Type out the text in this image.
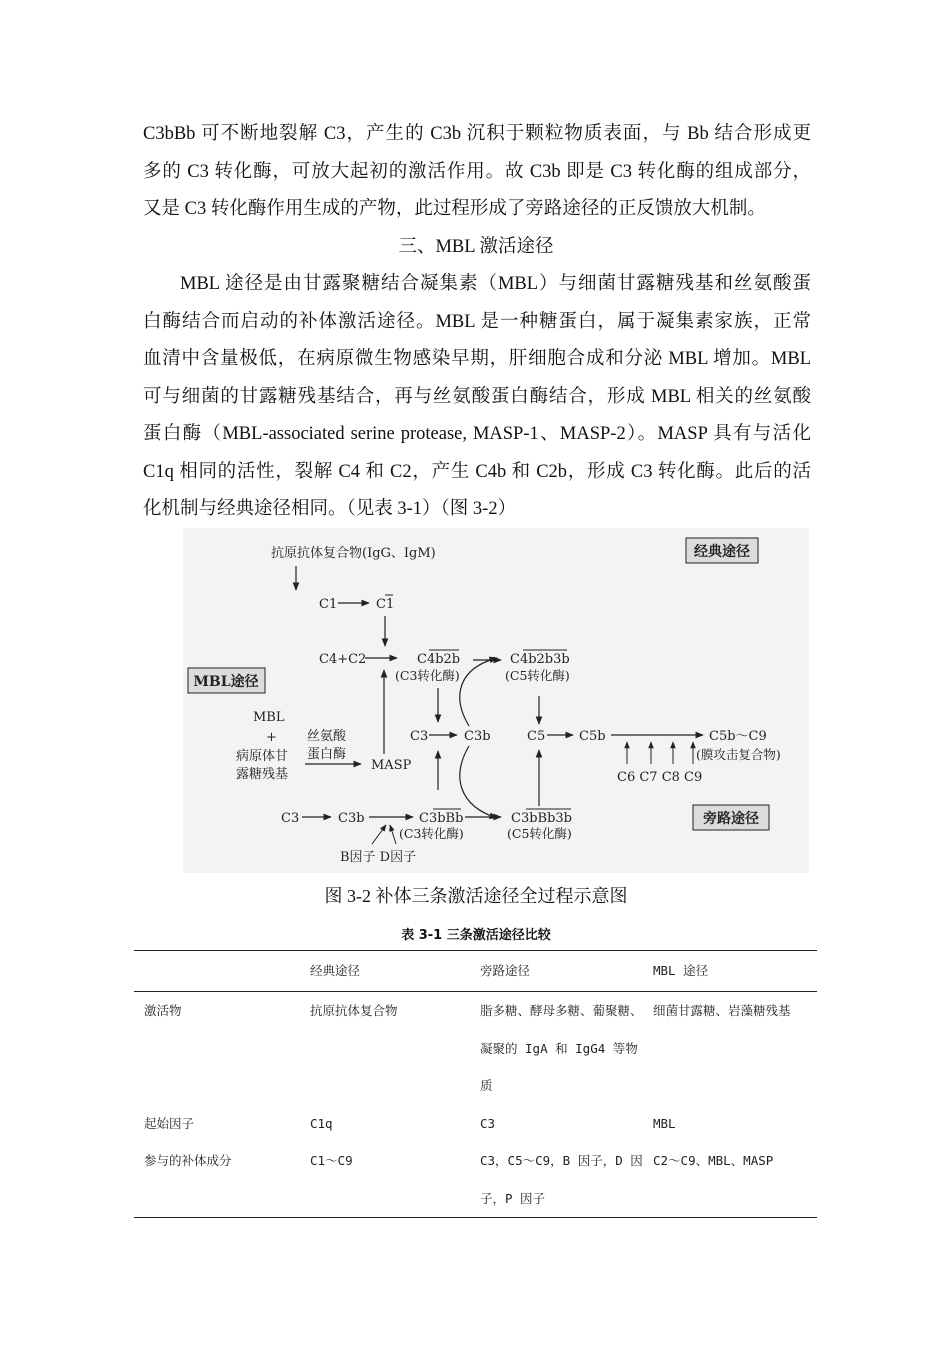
C3bBb 可不断地裂解 C3，产生的 C3b 沉积于颗粒物质表面，与 Bb 结合形成更
多的 C3 转化酶，可放大起初的激活作用。故 C3b 即是 C3 转化酶的组成部分，
又是 C3 转化酶作用生成的产物，此过程形成了旁路途径的正反馈放大机制。
三、MBL 激活途径
MBL 途径是由甘露聚糖结合凝集素（MBL）与细菌甘露糖残基和丝氨酸蛋
白酶结合而启动的补体激活途径。MBL 是一种糖蛋白，属于凝集素家族，正常
血清中含量极低，在病原微生物感染早期，肝细胞合成和分泌 MBL 增加。MBL
可与细菌的甘露糖残基结合，再与丝氨酸蛋白酶结合，形成 MBL 相关的丝氨酸
蛋白酶（MBL-associated serine protease, MASP-1、MASP-2）。MASP 具有与活化
C1q 相同的活性，裂解 C4 和 C2，产生 C4b 和 C2b，形成 C3 转化酶。此后的活
化机制与经典途径相同。（见表 3-1）（图 3-2）
经典途径
MBL途径
旁路途径
抗原抗体复合物(IgG、IgM)
C1	C1
C4+C2	C4b2b
(C3转化酶)
C4b2b3b
(C5转化酶)
MBL
+
病原体甘
露糖残基
丝氨酸
蛋白酶
MASP
C3	C3b	C5	C5b	C5b～C9
(膜攻击复合物)
C6 C7 C8 C9
C3	C3b	C3bBb
(C3转化酶)
C3bBb3b
(C5转化酶)
B因子 D因子
图 3-2 补体三条激活途径全过程示意图
表 3-1 三条激活途径比较
	经典途径	旁路途径	MBL 途径
激活物	抗原抗体复合物	脂多糖、酵母多糖、葡聚糖、凝聚的 IgA 和 IgG4 等物质	细菌甘露糖、岩藻糖残基
起始因子	C1q	C3	MBL
参与的补体成分	C1～C9	C3，C5～C9，B 因子，D 因子，P 因子	C2～C9、MBL、MASP
